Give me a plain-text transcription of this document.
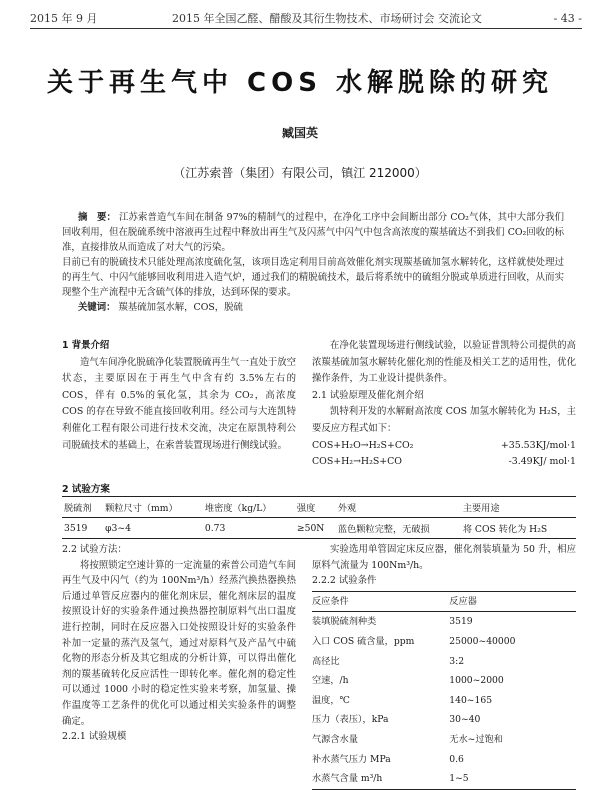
2015 年 9 月	2015 年全国乙醛、醋酸及其衍生物技术、市场研讨会 交流论文	- 43 -
关于再生气中 COS 水解脱除的研究
臧国英
（江苏索普（集团）有限公司，镇江 212000）

摘　要： 江苏索普造气车间在制备 97%的精制气的过程中，在净化工序中会间断出部分 CO₂气体，其中大部分我们回收利用，但在脱硫系统中溶液再生过程中释放出再生气及闪蒸气中闪气中包含高浓度的羰基硫达不到我们 CO₂回收的标准，直接排放从而造成了对大气的污染。

目前已有的脱硫技术只能处理高浓度硫化氢，该项目选定利用目前高效催化剂实现羰基硫加氢水解转化，这样就使处理过的再生气、中闪气能够回收利用进入造气炉，通过我们的精脱硫技术，最后将系统中的硫组分脱或单质进行回收，从而实现整个生产流程中无含硫气体的排放，达到环保的要求。

关键词： 羰基硫加氢水解，COS，脱硫

1 背景介绍

造气车间净化脱硫净化装置脱硫再生气一直处于放空状态，主要原因在于再生气中含有约 3.5%左右的 COS，伴有 0.5%的氧化氢，其余为 CO₂，高浓度 COS 的存在导致不能直接回收利用。经公司与大连凯特利催化工程有限公司进行技术交流，决定在原凯特利公司脱硫技术的基础上，在索普装置现场进行侧线试验。

在净化装置现场进行侧线试验，以验证普凯特公司提供的高浓羰基硫加氢水解转化催化剂的性能及相关工艺的适用性，优化操作条件，为工业设计提供条件。

2.1 试验原理及催化剂介绍

凯特利开发的水解耐高浓度 COS 加氢水解转化为 H₂S，主要反应方程式如下：

COS+H₂O→H₂S+CO₂	+35.53KJ/mol·1
COS+H₂→H₂S+CO	-3.49KJ/ mol·1
2 试验方案
脱硫剂	颗粒尺寸（mm）	堆密度（kg/L）	强度	外观	主要用途
3519	φ3~4	0.73	≥50N	蓝色颗粒完整，无破损	将 COS 转化为 H₂S

2.2 试验方法：

将按照锁定空速计算的一定流量的索普公司造气车间再生气及中闪气（约为 100Nm³/h）经蒸汽换热器换热后通过单管反应器内的催化剂床层，催化剂床层的温度按照设计好的实验条件通过换热器控制原料气出口温度进行控制，同时在反应器入口处按照设计好的实验条件补加一定量的蒸汽及氢气，通过对原料气及产品气中硫化物的形态分析及其它组成的分析计算，可以得出催化剂的羰基硫转化反应活性一即转化率。催化剂的稳定性可以通过 1000 小时的稳定性实验来考察，加氢量、操作温度等工艺条件的优化可以通过相关实验条件的调整确定。

2.2.1 试验规模

实验选用单管固定床反应器，催化剂装填量为 50 升，相应原料气流量为 100Nm³/h。

2.2.2 试验条件

反应条件	反应器
装填脱硫剂种类	3519
入口 COS 硫含量，ppm	25000~40000
高径比	3:2
空速，/h	1000~2000
温度，℃	140~165
压力（表压），kPa	30~40
气源含水量	无水~过饱和
补水蒸气压力 MPa	0.6
水蒸气含量 m³/h	1~5
